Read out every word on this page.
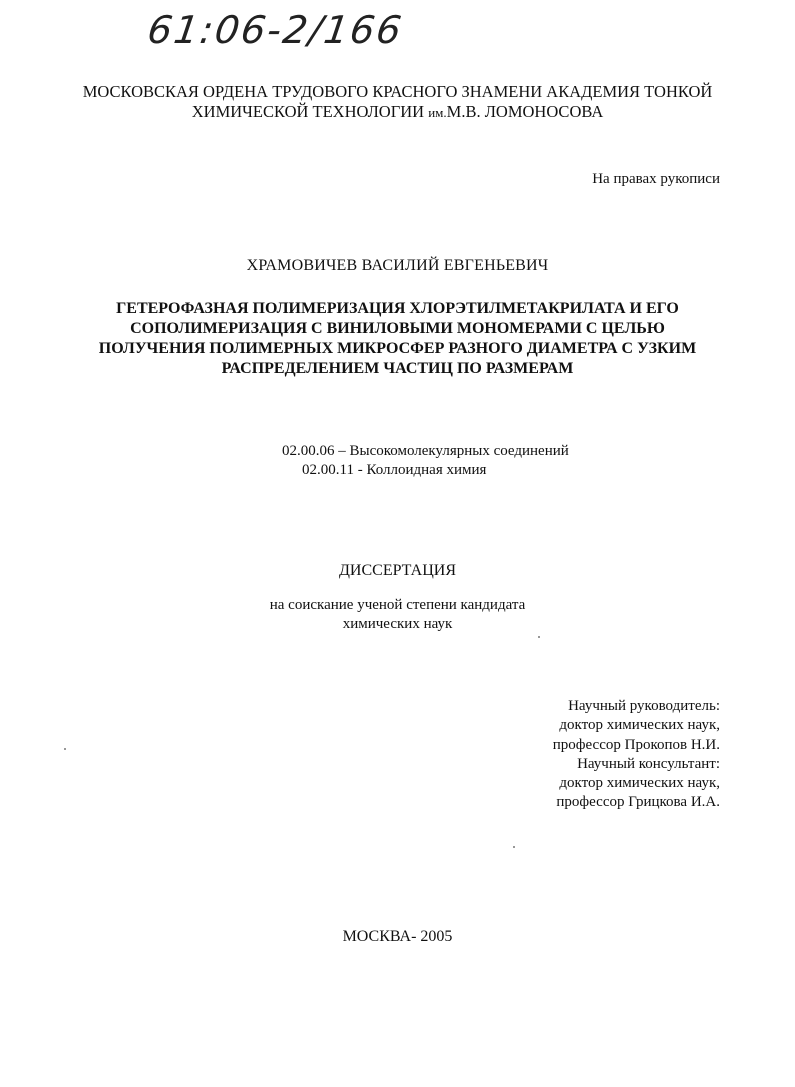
61:06-2/166
МОСКОВСКАЯ ОРДЕНА ТРУДОВОГО КРАСНОГО ЗНАМЕНИ АКАДЕМИЯ ТОНКОЙ
ХИМИЧЕСКОЙ ТЕХНОЛОГИИ им.М.В. ЛОМОНОСОВА
На правах рукописи
ХРАМОВИЧЕВ ВАСИЛИЙ ЕВГЕНЬЕВИЧ
ГЕТЕРОФАЗНАЯ ПОЛИМЕРИЗАЦИЯ ХЛОРЭТИЛМЕТАКРИЛАТА И ЕГО
СОПОЛИМЕРИЗАЦИЯ С ВИНИЛОВЫМИ МОНОМЕРАМИ С ЦЕЛЬЮ
ПОЛУЧЕНИЯ ПОЛИМЕРНЫХ МИКРОСФЕР РАЗНОГО ДИАМЕТРА С УЗКИМ
РАСПРЕДЕЛЕНИЕМ ЧАСТИЦ ПО РАЗМЕРАМ
02.00.06 – Высокомолекулярных соединений
02.00.11 - Коллоидная химия
ДИССЕРТАЦИЯ
на соискание ученой степени кандидата
химических наук
Научный руководитель:
доктор химических наук,
профессор Прокопов Н.И.
Научный консультант:
доктор химических наук,
профессор Грицкова И.А.
МОСКВА- 2005
